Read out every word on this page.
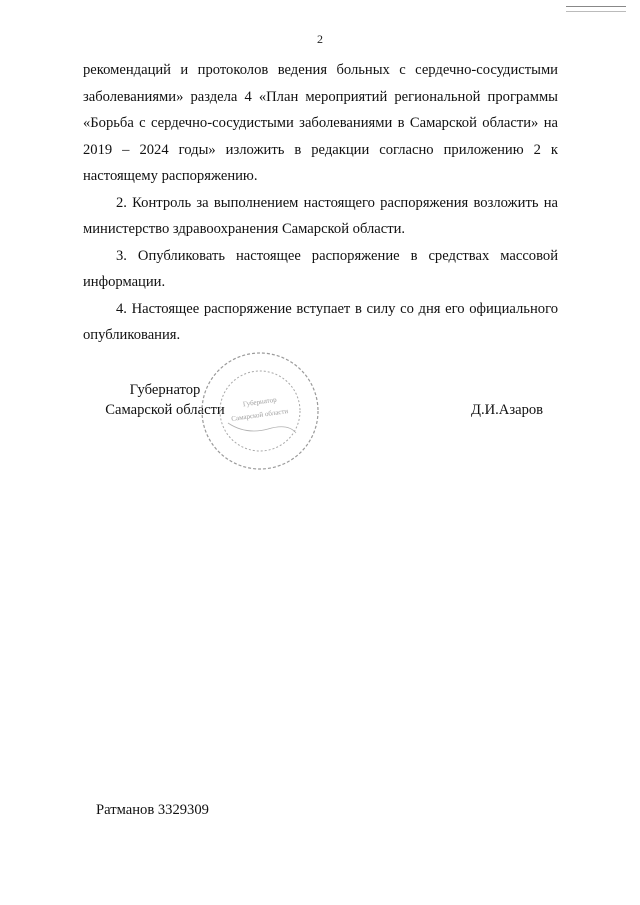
2

рекомендаций и протоколов ведения больных с сердечно-сосудистыми заболеваниями» раздела 4 «План мероприятий региональной программы «Борьба с сердечно-сосудистыми заболеваниями в Самарской области» на 2019 – 2024 годы» изложить в редакции согласно приложению 2 к настоящему распоряжению.

2. Контроль за выполнением настоящего распоряжения возложить на министерство здравоохранения Самарской области.

3. Опубликовать настоящее распоряжение в средствах массовой информации.

4. Настоящее распоряжение вступает в силу со дня его официального опубликования.

Губернатор
Самарской области	Д.И.Азаров
Губернатор
Самарской области
Ратманов 3329309
